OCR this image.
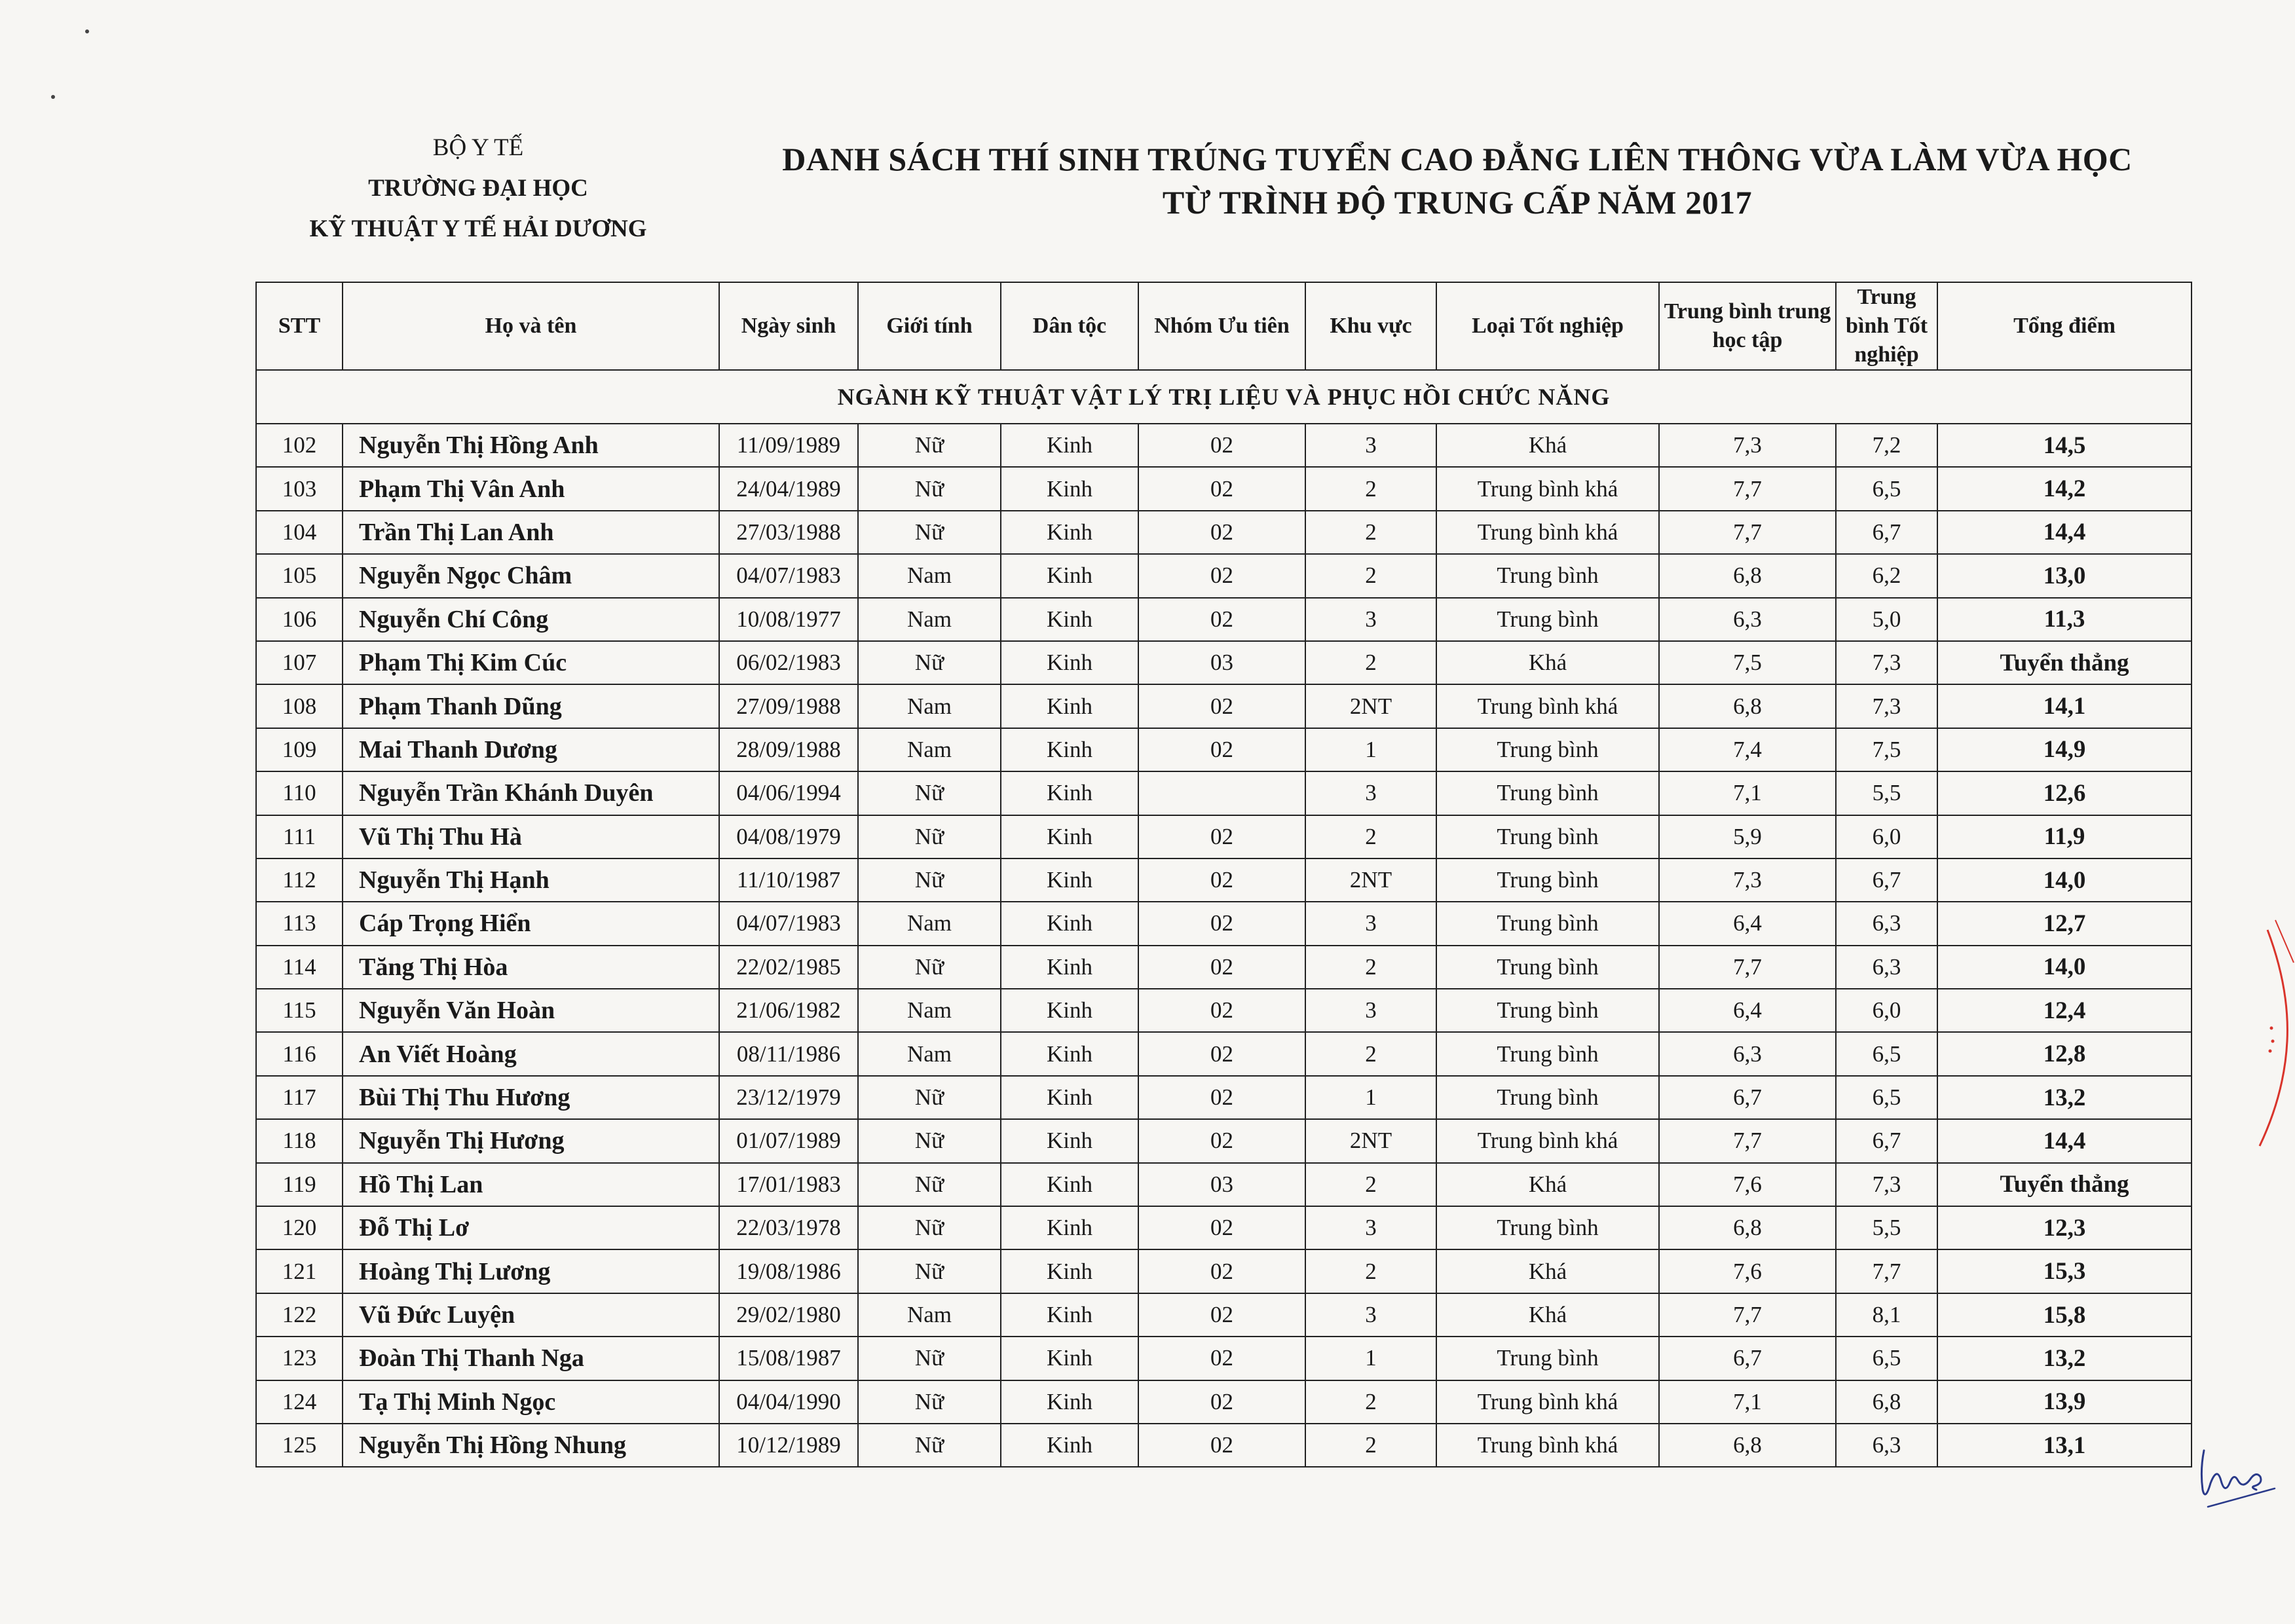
BỘ Y TẾ
TRƯỜNG ĐẠI HỌC
KỸ THUẬT Y TẾ HẢI DƯƠNG
DANH SÁCH THÍ SINH TRÚNG TUYỂN CAO ĐẲNG LIÊN THÔNG VỪA LÀM VỪA HỌC
TỪ TRÌNH ĐỘ TRUNG CẤP NĂM 2017
STT	Họ và tên	Ngày sinh	Giới tính	Dân tộc	Nhóm Ưu tiên	Khu vực	Loại Tốt nghiệp	Trung bình trung học tập	Trung bình Tốt nghiệp	Tổng điểm
NGÀNH KỸ THUẬT VẬT LÝ TRỊ LIỆU VÀ PHỤC HỒI CHỨC NĂNG										
102	Nguyễn Thị Hồng Anh	11/09/1989	Nữ	Kinh	02	3	Khá	7,3	7,2	14,5
103	Phạm Thị Vân Anh	24/04/1989	Nữ	Kinh	02	2	Trung bình khá	7,7	6,5	14,2
104	Trần Thị Lan Anh	27/03/1988	Nữ	Kinh	02	2	Trung bình khá	7,7	6,7	14,4
105	Nguyễn Ngọc Châm	04/07/1983	Nam	Kinh	02	2	Trung bình	6,8	6,2	13,0
106	Nguyễn Chí Công	10/08/1977	Nam	Kinh	02	3	Trung bình	6,3	5,0	11,3
107	Phạm Thị Kim Cúc	06/02/1983	Nữ	Kinh	03	2	Khá	7,5	7,3	Tuyển thẳng
108	Phạm Thanh Dũng	27/09/1988	Nam	Kinh	02	2NT	Trung bình khá	6,8	7,3	14,1
109	Mai Thanh Dương	28/09/1988	Nam	Kinh	02	1	Trung bình	7,4	7,5	14,9
110	Nguyễn Trần Khánh Duyên	04/06/1994	Nữ	Kinh		3	Trung bình	7,1	5,5	12,6
111	Vũ Thị Thu Hà	04/08/1979	Nữ	Kinh	02	2	Trung bình	5,9	6,0	11,9
112	Nguyễn Thị Hạnh	11/10/1987	Nữ	Kinh	02	2NT	Trung bình	7,3	6,7	14,0
113	Cáp Trọng Hiển	04/07/1983	Nam	Kinh	02	3	Trung bình	6,4	6,3	12,7
114	Tăng Thị Hòa	22/02/1985	Nữ	Kinh	02	2	Trung bình	7,7	6,3	14,0
115	Nguyễn Văn Hoàn	21/06/1982	Nam	Kinh	02	3	Trung bình	6,4	6,0	12,4
116	An Viết Hoàng	08/11/1986	Nam	Kinh	02	2	Trung bình	6,3	6,5	12,8
117	Bùi Thị Thu Hương	23/12/1979	Nữ	Kinh	02	1	Trung bình	6,7	6,5	13,2
118	Nguyễn Thị Hương	01/07/1989	Nữ	Kinh	02	2NT	Trung bình khá	7,7	6,7	14,4
119	Hồ Thị Lan	17/01/1983	Nữ	Kinh	03	2	Khá	7,6	7,3	Tuyển thẳng
120	Đỗ Thị Lơ	22/03/1978	Nữ	Kinh	02	3	Trung bình	6,8	5,5	12,3
121	Hoàng Thị Lương	19/08/1986	Nữ	Kinh	02	2	Khá	7,6	7,7	15,3
122	Vũ Đức Luyện	29/02/1980	Nam	Kinh	02	3	Khá	7,7	8,1	15,8
123	Đoàn Thị Thanh Nga	15/08/1987	Nữ	Kinh	02	1	Trung bình	6,7	6,5	13,2
124	Tạ Thị Minh Ngọc	04/04/1990	Nữ	Kinh	02	2	Trung bình khá	7,1	6,8	13,9
125	Nguyễn Thị Hồng Nhung	10/12/1989	Nữ	Kinh	02	2	Trung bình khá	6,8	6,3	13,1
